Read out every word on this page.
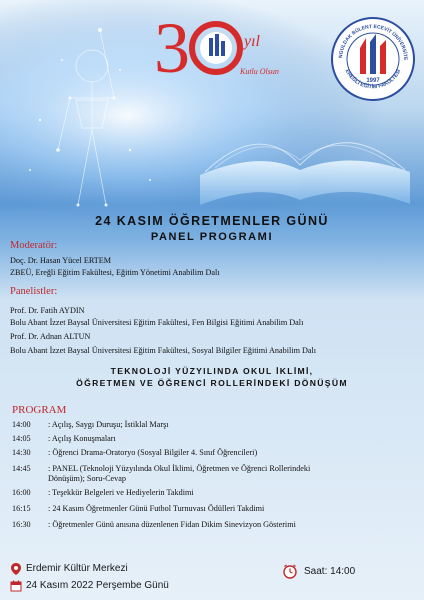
3	yıl
Kutlu Olsun
NGULDAK BÜLENT ECEVİT ÜNİVERSİTE
EREĞLİ EĞİTİM FAKÜLTESİ
1997
24 KASIM ÖĞRETMENLER GÜNÜ
PANEL PROGRAMI
Moderatör:
Doç. Dr. Hasan Yücel ERTEM
ZBEÜ, Ereğli Eğitim Fakültesi, Eğitim Yönetimi Anabilim Dalı
Panelistler:
Prof. Dr. Fatih AYDIN
Bolu Abant İzzet Baysal Üniversitesi Eğitim Fakültesi, Fen Bilgisi Eğitimi Anabilim Dalı
Prof. Dr. Adnan ALTUN
Bolu Abant İzzet Baysal Üniversitesi Eğitim Fakültesi, Sosyal Bilgiler Eğitimi Anabilim Dalı
TEKNOLOJİ YÜZYILINDA OKUL İKLİMİ,
ÖĞRETMEN VE ÖĞRENCİ ROLLERİNDEKİ DÖNÜŞÜM
PROGRAM
14:00	: Açılış, Saygı Duruşu; İstiklal Marşı
14:05	: Açılış Konuşmaları
14:30	: Öğrenci Drama-Oratoryo (Sosyal Bilgiler 4. Sınıf Öğrencileri)
14:45	: PANEL (Teknoloji Yüzyılında Okul İklimi, Öğretmen ve Öğrenci Rollerindeki Dönüşüm); Soru-Cevap
16:00	: Teşekkür Belgeleri ve Hediyelerin Takdimi
16:15	: 24 Kasım Öğretmenler Günü Futbol Turnuvası Ödülleri Takdimi
16:30	: Öğretmenler Günü anısına düzenlenen Fidan Dikim Sinevizyon Gösterimi
Erdemir Kültür Merkezi
24 Kasım 2022 Perşembe Günü
Saat: 14:00
